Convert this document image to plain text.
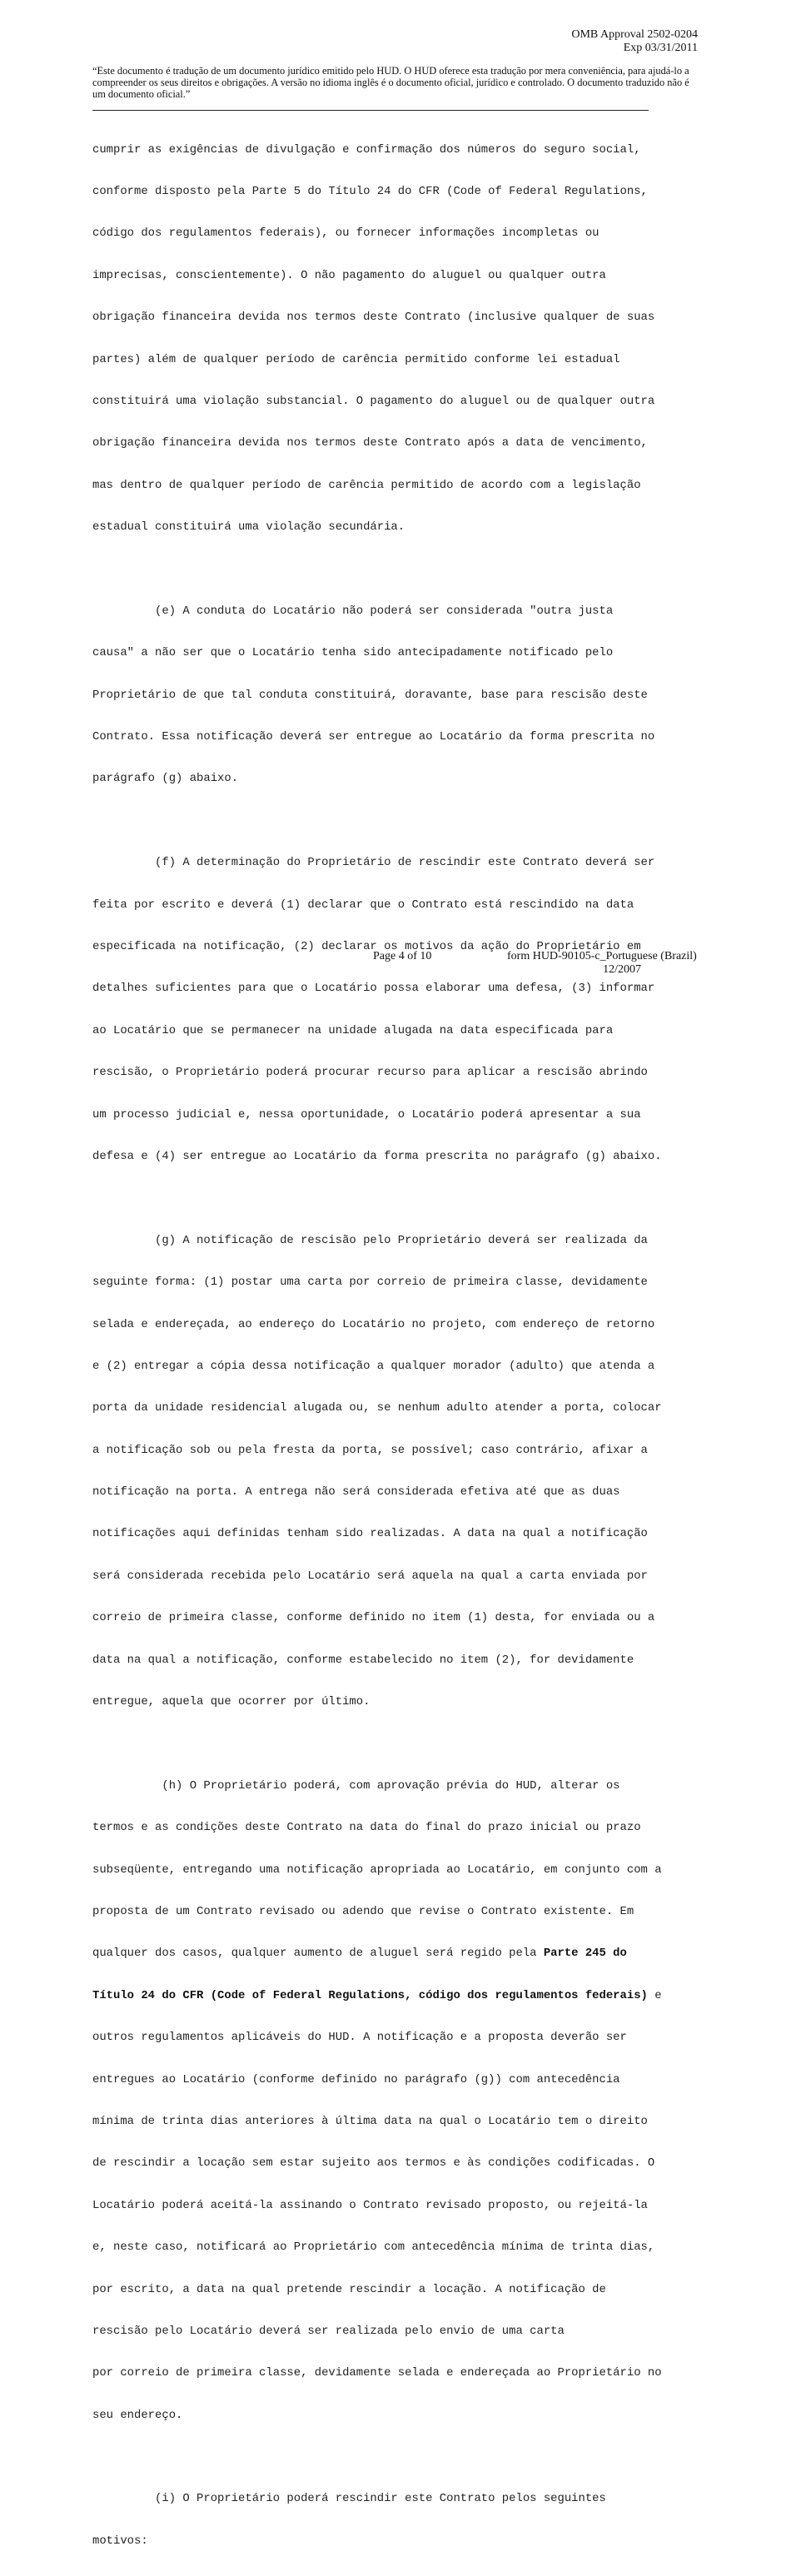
OMB Approval 2502-0204
Exp 03/31/2011
“Este documento é tradução de um documento jurídico emitido pelo HUD. O HUD oferece esta tradução por mera conveniência, para ajudá-lo a compreender os seus direitos e obrigações. A versão no idioma inglês é o documento oficial, jurídico e controlado. O documento traduzido não é um documento oficial.”

cumprir as exigências de divulgação e confirmação dos números do seguro social,

conforme disposto pela Parte 5 do Título 24 do CFR (Code of Federal Regulations,

código dos regulamentos federais), ou fornecer informações incompletas ou

imprecisas, conscientemente). O não pagamento do aluguel ou qualquer outra

obrigação financeira devida nos termos deste Contrato (inclusive qualquer de suas

partes) além de qualquer período de carência permitido conforme lei estadual

constituirá uma violação substancial. O pagamento do aluguel ou de qualquer outra

obrigação financeira devida nos termos deste Contrato após a data de vencimento,

mas dentro de qualquer período de carência permitido de acordo com a legislação

estadual constituirá uma violação secundária.

(e) A conduta do Locatário não poderá ser considerada "outra justa

causa" a não ser que o Locatário tenha sido antecipadamente notificado pelo

Proprietário de que tal conduta constituirá, doravante, base para rescisão deste

Contrato. Essa notificação deverá ser entregue ao Locatário da forma prescrita no

parágrafo (g) abaixo.

(f) A determinação do Proprietário de rescindir este Contrato deverá ser

feita por escrito e deverá (1) declarar que o Contrato está rescindido na data

especificada na notificação, (2) declarar os motivos da ação do Proprietário em

detalhes suficientes para que o Locatário possa elaborar uma defesa, (3) informar

ao Locatário que se permanecer na unidade alugada na data especificada para

rescisão, o Proprietário poderá procurar recurso para aplicar a rescisão abrindo

um processo judicial e, nessa oportunidade, o Locatário poderá apresentar a sua

defesa e (4) ser entregue ao Locatário da forma prescrita no parágrafo (g) abaixo.

(g) A notificação de rescisão pelo Proprietário deverá ser realizada da

seguinte forma: (1) postar uma carta por correio de primeira classe, devidamente

selada e endereçada, ao endereço do Locatário no projeto, com endereço de retorno

e (2) entregar a cópia dessa notificação a qualquer morador (adulto) que atenda a

porta da unidade residencial alugada ou, se nenhum adulto atender a porta, colocar

a notificação sob ou pela fresta da porta, se possível; caso contrário, afixar a

notificação na porta. A entrega não será considerada efetiva até que as duas

notificações aqui definidas tenham sido realizadas. A data na qual a notificação

será considerada recebida pelo Locatário será aquela na qual a carta enviada por

correio de primeira classe, conforme definido no item (1) desta, for enviada ou a

data na qual a notificação, conforme estabelecido no item (2), for devidamente

entregue, aquela que ocorrer por último.

(h) O Proprietário poderá, com aprovação prévia do HUD, alterar os

termos e as condições deste Contrato na data do final do prazo inicial ou prazo

subseqüente, entregando uma notificação apropriada ao Locatário, em conjunto com a

proposta de um Contrato revisado ou adendo que revise o Contrato existente. Em

qualquer dos casos, qualquer aumento de aluguel será regido pela Parte 245 do

Título 24 do CFR (Code of Federal Regulations, código dos regulamentos federais) e

outros regulamentos aplicáveis do HUD. A notificação e a proposta deverão ser

entregues ao Locatário (conforme definido no parágrafo (g)) com antecedência

mínima de trinta dias anteriores à última data na qual o Locatário tem o direito

de rescindir a locação sem estar sujeito aos termos e às condições codificadas. O

Locatário poderá aceitá-la assinando o Contrato revisado proposto, ou rejeitá-la

e, neste caso, notificará ao Proprietário com antecedência mínima de trinta dias,

por escrito, a data na qual pretende rescindir a locação. A notificação de

rescisão pelo Locatário deverá ser realizada pelo envio de uma carta

por correio de primeira classe, devidamente selada e endereçada ao Proprietário no

seu endereço.

(i) O Proprietário poderá rescindir este Contrato pelos seguintes

motivos:

Page 4 of 10	form HUD-90105-c_Portuguese (Brazil)
12/2007
